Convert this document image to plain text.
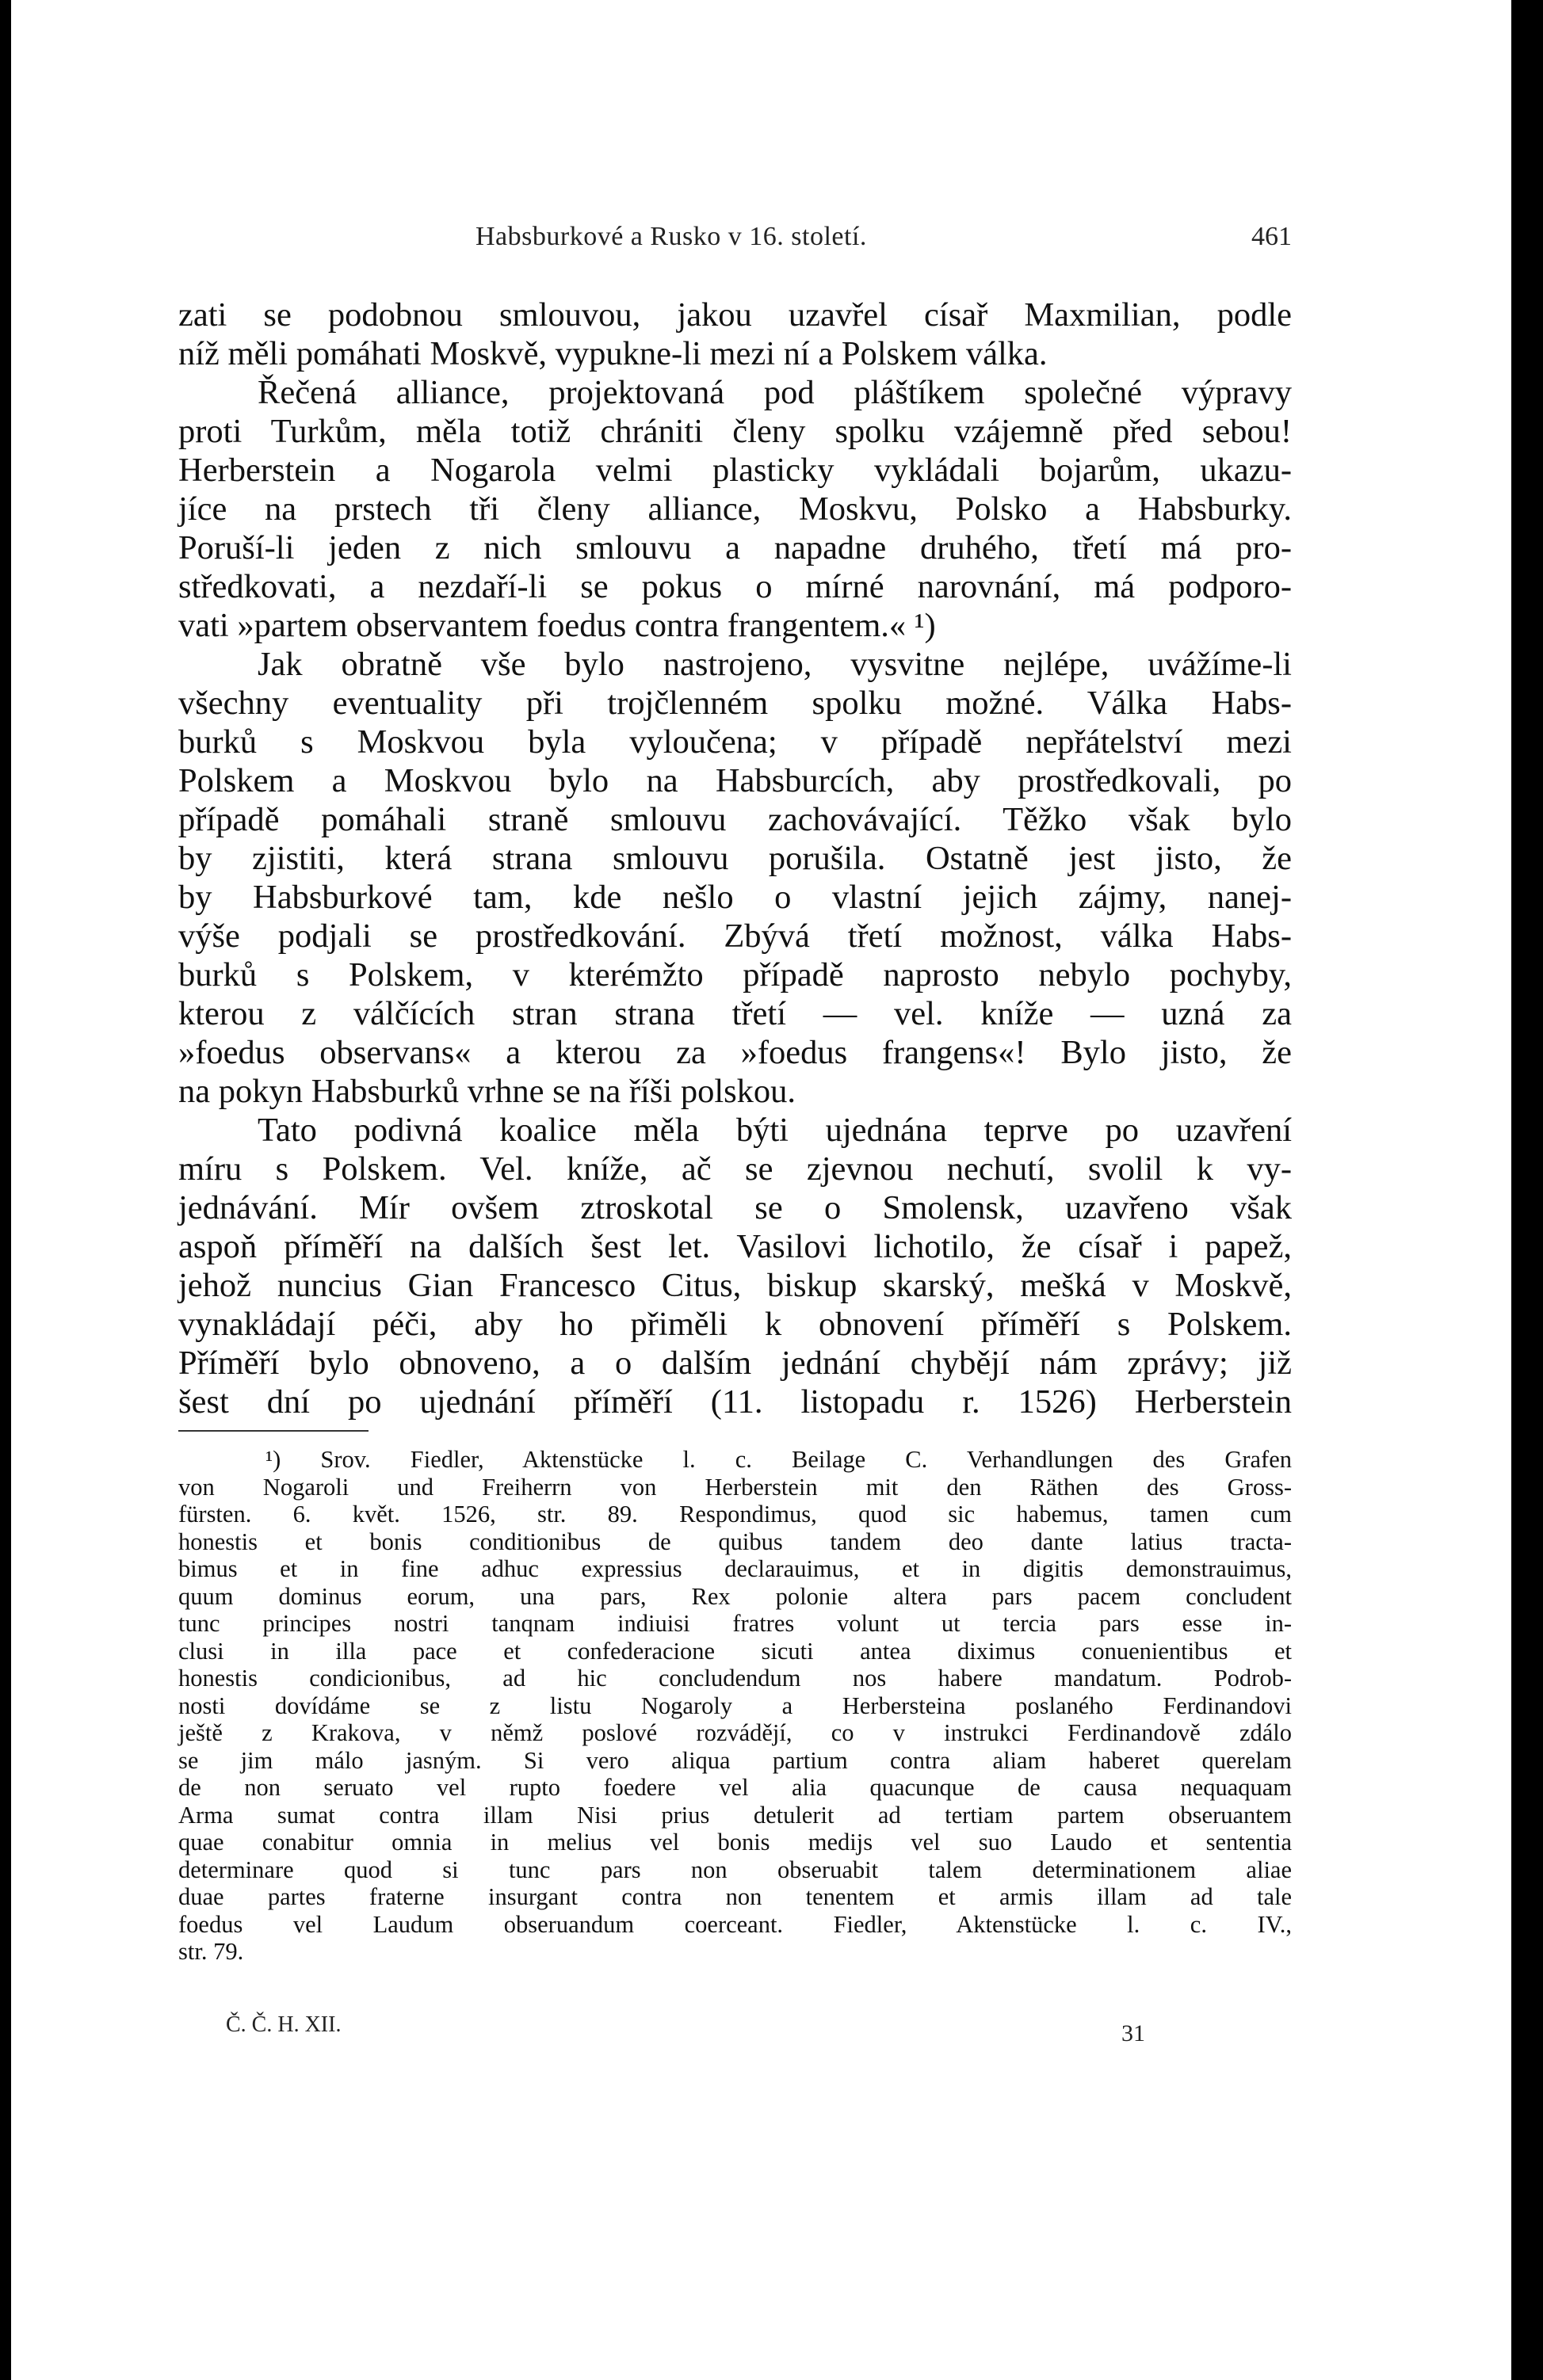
Habsburkové a Rusko v 16. století.	461

zati se podobnou smlouvou, jakou uzavřel císař Maxmilian, podle
níž měli pomáhati Moskvě, vypukne-li mezi ní a Polskem válka.

Řečená alliance, projektovaná pod pláštíkem společné výpravy
proti Turkům, měla totiž chrániti členy spolku vzájemně před sebou!
Herberstein a Nogarola velmi plasticky vykládali bojarům, ukazu-
jíce na prstech tři členy alliance, Moskvu, Polsko a Habsburky.
Poruší-li jeden z nich smlouvu a napadne druhého, třetí má pro-
středkovati, a nezdaří-li se pokus o mírné narovnání, má podporo-
vati »partem observantem foedus contra frangentem.« ¹)

Jak obratně vše bylo nastrojeno, vysvitne nejlépe, uvážíme-li
všechny eventuality při trojčlenném spolku možné. Válka Habs-
burků s Moskvou byla vyloučena; v případě nepřátelství mezi
Polskem a Moskvou bylo na Habsburcích, aby prostředkovali, po
případě pomáhali straně smlouvu zachovávající. Těžko však bylo
by zjistiti, která strana smlouvu porušila. Ostatně jest jisto, že
by Habsburkové tam, kde nešlo o vlastní jejich zájmy, nanej-
výše podjali se prostředkování. Zbývá třetí možnost, válka Habs-
burků s Polskem, v kterémžto případě naprosto nebylo pochyby,
kterou z válčících stran strana třetí — vel. kníže — uzná za
»foedus observans« a kterou za »foedus frangens«! Bylo jisto, že
na pokyn Habsburků vrhne se na říši polskou.

Tato podivná koalice měla býti ujednána teprve po uzavření
míru s Polskem. Vel. kníže, ač se zjevnou nechutí, svolil k vy-
jednávání. Mír ovšem ztroskotal se o Smolensk, uzavřeno však
aspoň příměří na dalších šest let. Vasilovi lichotilo, že císař i papež,
jehož nuncius Gian Francesco Citus, biskup skarský, mešká v Moskvě,
vynakládají péči, aby ho přiměli k obnovení příměří s Polskem.
Příměří bylo obnoveno, a o dalším jednání chybějí nám zprávy; již
šest dní po ujednání příměří (11. listopadu r. 1526) Herberstein

¹) Srov. Fiedler, Aktenstücke l. c. Beilage C. Verhandlungen des Grafen
von Nogaroli und Freiherrn von Herberstein mit den Räthen des Gross-
fürsten. 6. květ. 1526, str. 89. Respondimus, quod sic habemus, tamen cum
honestis et bonis conditionibus de quibus tandem deo dante latius tracta-
bimus et in fine adhuc expressius declarauimus, et in digitis demonstrauimus,
quum dominus eorum, una pars, Rex polonie altera pars pacem concludent
tunc principes nostri tanqnam indiuisi fratres volunt ut tercia pars esse in-
clusi in illa pace et confederacione sicuti antea diximus conuenientibus et
honestis condicionibus, ad hic concludendum nos habere mandatum. Podrob-
nosti dovídáme se z listu Nogaroly a Herbersteina poslaného Ferdinandovi
ještě z Krakova, v němž poslové rozvádějí, co v instrukci Ferdinandově zdálo
se jim málo jasným. Si vero aliqua partium contra aliam haberet querelam
de non seruato vel rupto foedere vel alia quacunque de causa nequaquam
Arma sumat contra illam Nisi prius detulerit ad tertiam partem obseruantem
quae conabitur omnia in melius vel bonis medijs vel suo Laudo et sententia
determinare quod si tunc pars non obseruabit talem determinationem aliae
duae partes fraterne insurgant contra non tenentem et armis illam ad tale
foedus vel Laudum obseruandum coerceant. Fiedler, Aktenstücke l. c. IV.,
str. 79.
Č. Č. H. XII.	31
